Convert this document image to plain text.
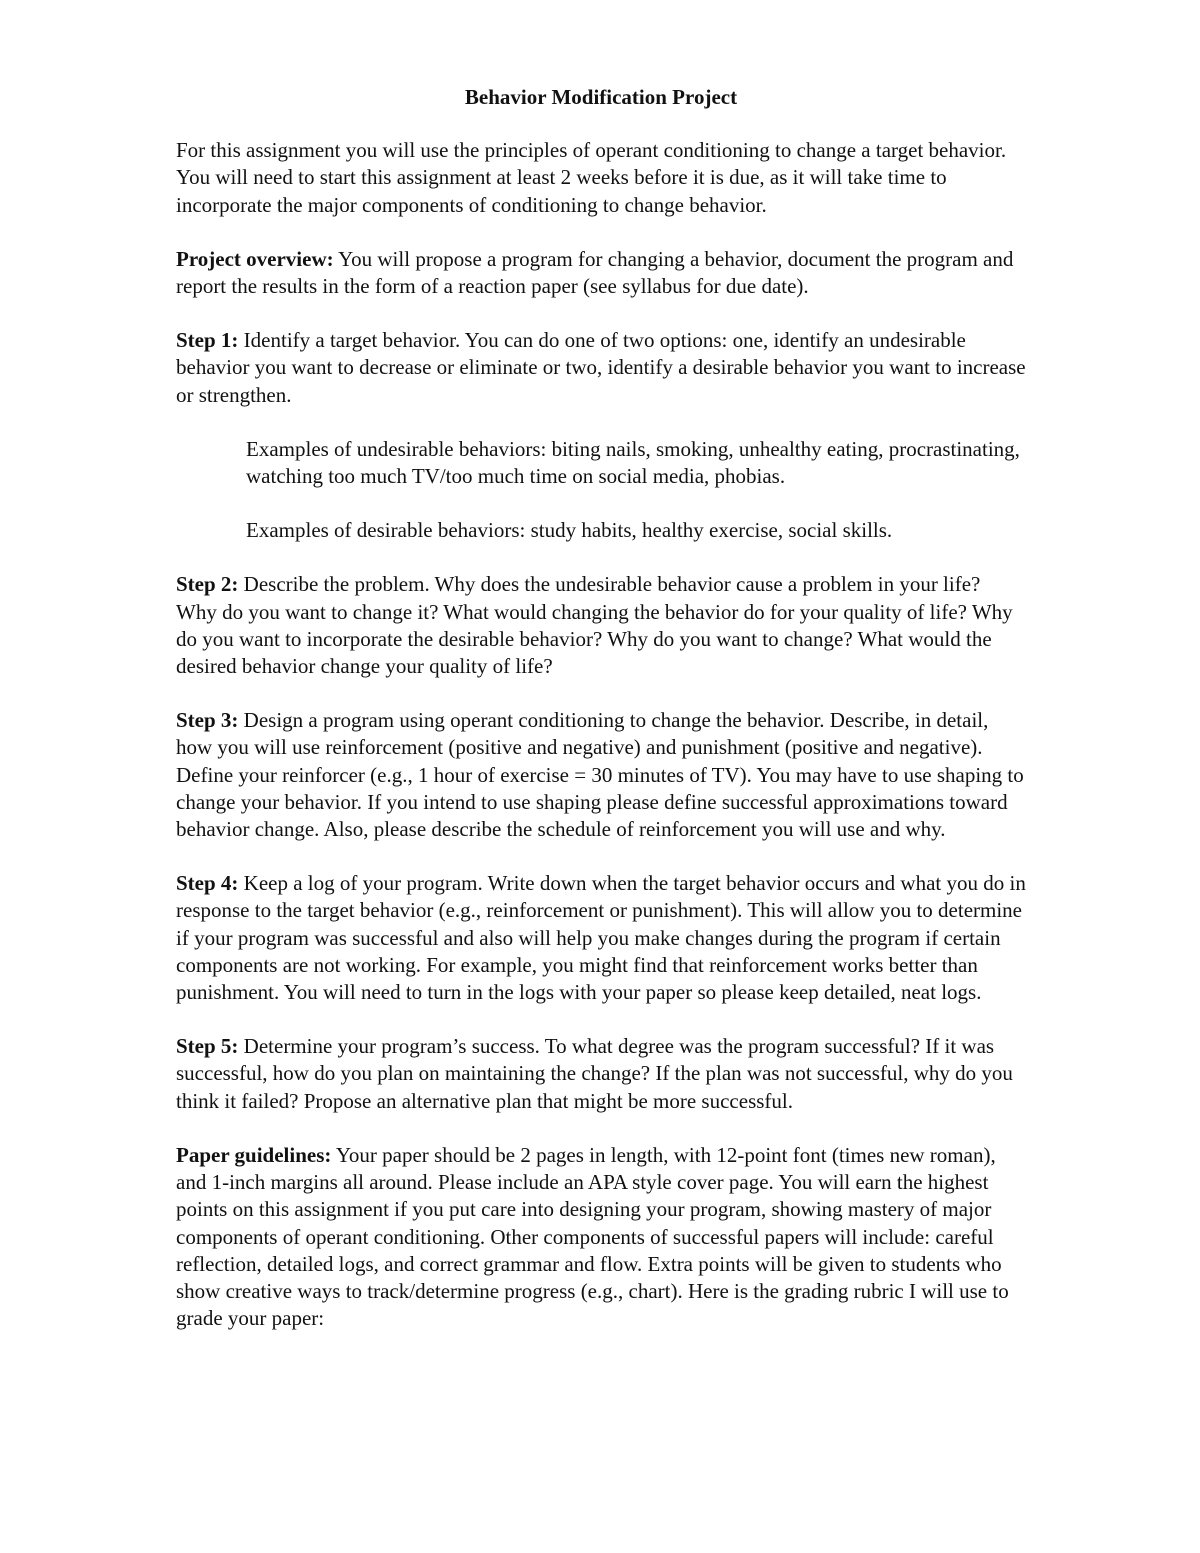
Behavior Modification Project

For this assignment you will use the principles of operant conditioning to change a target behavior. You will need to start this assignment at least 2 weeks before it is due, as it will take time to incorporate the major components of conditioning to change behavior.

Project overview: You will propose a program for changing a behavior, document the program and report the results in the form of a reaction paper (see syllabus for due date).

Step 1: Identify a target behavior. You can do one of two options: one, identify an undesirable behavior you want to decrease or eliminate or two, identify a desirable behavior you want to increase or strengthen.

Examples of undesirable behaviors: biting nails, smoking, unhealthy eating, procrastinating, watching too much TV/too much time on social media, phobias.

Examples of desirable behaviors: study habits, healthy exercise, social skills.

Step 2: Describe the problem. Why does the undesirable behavior cause a problem in your life? Why do you want to change it? What would changing the behavior do for your quality of life? Why do you want to incorporate the desirable behavior? Why do you want to change? What would the desired behavior change your quality of life?

Step 3: Design a program using operant conditioning to change the behavior. Describe, in detail, how you will use reinforcement (positive and negative) and punishment (positive and negative). Define your reinforcer (e.g., 1 hour of exercise = 30 minutes of TV). You may have to use shaping to change your behavior. If you intend to use shaping please define successful approximations toward behavior change. Also, please describe the schedule of reinforcement you will use and why.

Step 4: Keep a log of your program. Write down when the target behavior occurs and what you do in response to the target behavior (e.g., reinforcement or punishment). This will allow you to determine if your program was successful and also will help you make changes during the program if certain components are not working. For example, you might find that reinforcement works better than punishment. You will need to turn in the logs with your paper so please keep detailed, neat logs.

Step 5: Determine your program’s success. To what degree was the program successful? If it was successful, how do you plan on maintaining the change? If the plan was not successful, why do you think it failed? Propose an alternative plan that might be more successful.

Paper guidelines: Your paper should be 2 pages in length, with 12-point font (times new roman), and 1-inch margins all around. Please include an APA style cover page. You will earn the highest points on this assignment if you put care into designing your program, showing mastery of major components of operant conditioning. Other components of successful papers will include: careful reflection, detailed logs, and correct grammar and flow. Extra points will be given to students who show creative ways to track/determine progress (e.g., chart). Here is the grading rubric I will use to grade your paper:
